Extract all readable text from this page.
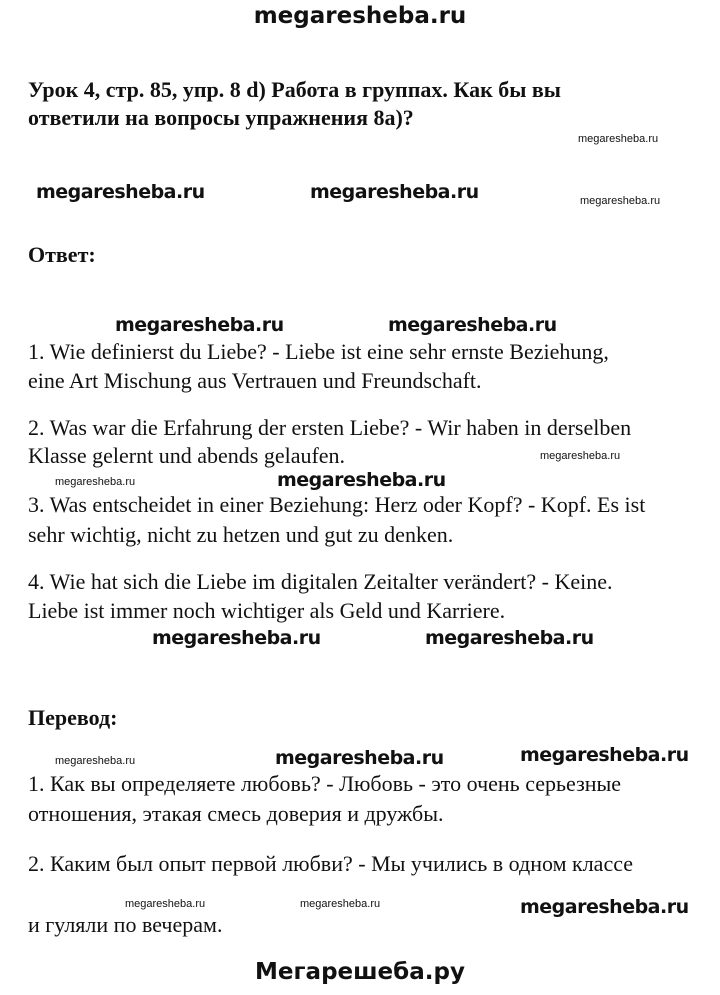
megaresheba.ru
Урок 4, стр. 85, упр. 8 d) Работа в группах. Как бы вы
ответили на вопросы упражнения 8а)?
megaresheba.ru
megaresheba.ru	megaresheba.ru	megaresheba.ru
Ответ:
megaresheba.ru	megaresheba.ru
1. Wie definierst du Liebe? - Liebe ist eine sehr ernste Beziehung,
eine Art Mischung aus Vertrauen und Freundschaft.
2. Was war die Erfahrung der ersten Liebe? - Wir haben in derselben
Klasse gelernt und abends gelaufen.	megaresheba.ru
megaresheba.ru	megaresheba.ru
3. Was entscheidet in einer Beziehung: Herz oder Kopf? - Kopf. Es ist
sehr wichtig, nicht zu hetzen und gut zu denken.
4. Wie hat sich die Liebe im digitalen Zeitalter verändert? - Keine.
Liebe ist immer noch wichtiger als Geld und Karriere.
megaresheba.ru	megaresheba.ru
Перевод:
megaresheba.ru	megaresheba.ru	megaresheba.ru
1. Как вы определяете любовь? - Любовь - это очень серьезные
отношения, этакая смесь доверия и дружбы.
2. Каким был опыт первой любви? - Мы учились в одном классе
megaresheba.ru	megaresheba.ru	megaresheba.ru
и гуляли по вечерам.
Мегарешеба.ру
